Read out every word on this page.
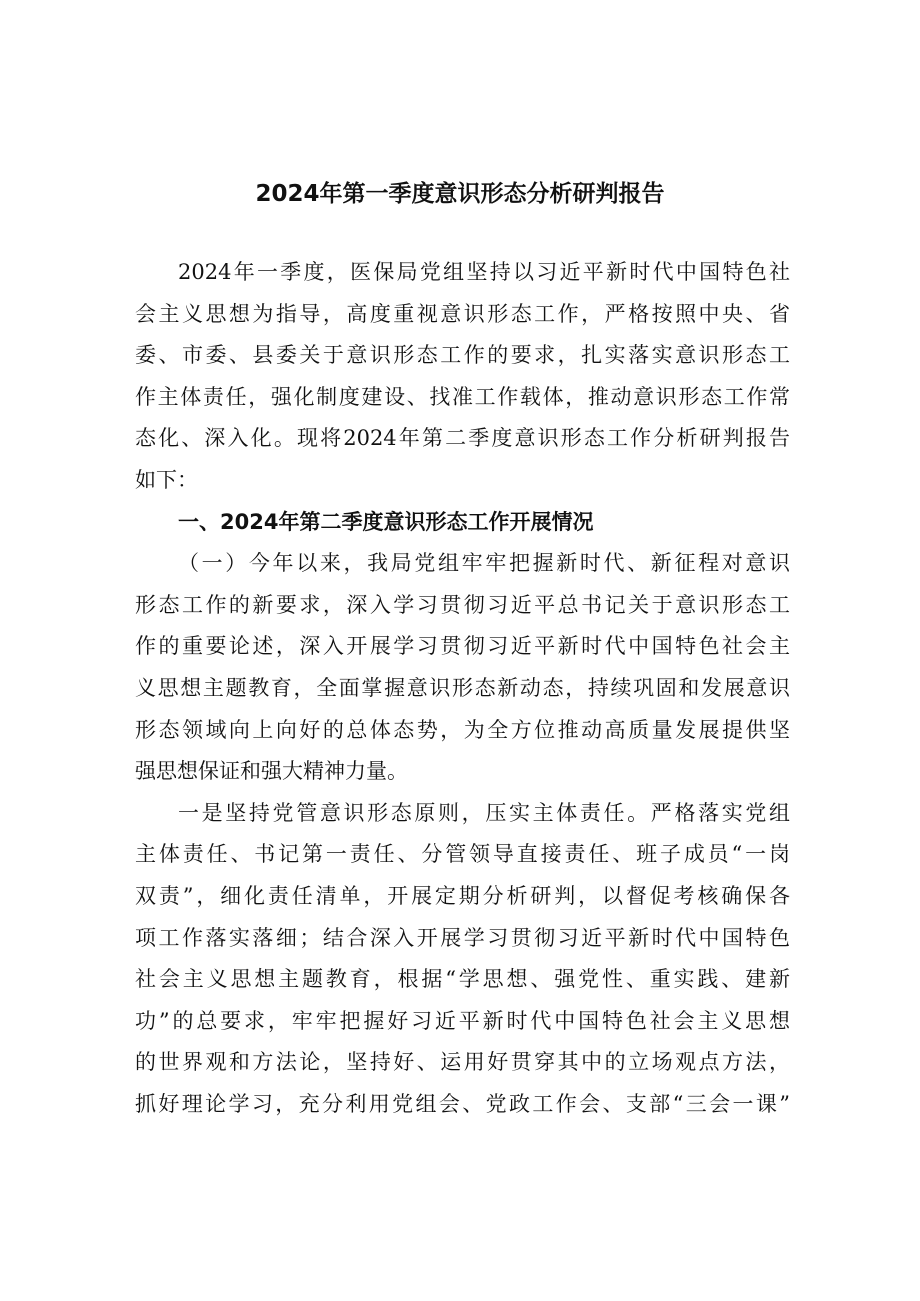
2024年第一季度意识形态分析研判报告
2024年一季度，医保局党组坚持以习近平新时代中国特色社
会主义思想为指导，高度重视意识形态工作，严格按照中央、省
委、市委、县委关于意识形态工作的要求，扎实落实意识形态工
作主体责任，强化制度建设、找准工作载体，推动意识形态工作常
态化、深入化。现将2024年第二季度意识形态工作分析研判报告
如下：
一、2024年第二季度意识形态工作开展情况
（一）今年以来，我局党组牢牢把握新时代、新征程对意识
形态工作的新要求，深入学习贯彻习近平总书记关于意识形态工
作的重要论述，深入开展学习贯彻习近平新时代中国特色社会主
义思想主题教育，全面掌握意识形态新动态，持续巩固和发展意识
形态领域向上向好的总体态势，为全方位推动高质量发展提供坚
强思想保证和强大精神力量。
一是坚持党管意识形态原则，压实主体责任。严格落实党组
主体责任、书记第一责任、分管领导直接责任、班子成员“一岗
双责”，细化责任清单，开展定期分析研判，以督促考核确保各
项工作落实落细；结合深入开展学习贯彻习近平新时代中国特色
社会主义思想主题教育，根据“学思想、强党性、重实践、建新
功”的总要求，牢牢把握好习近平新时代中国特色社会主义思想
的世界观和方法论，坚持好、运用好贯穿其中的立场观点方法，
抓好理论学习，充分利用党组会、党政工作会、支部“三会一课”
